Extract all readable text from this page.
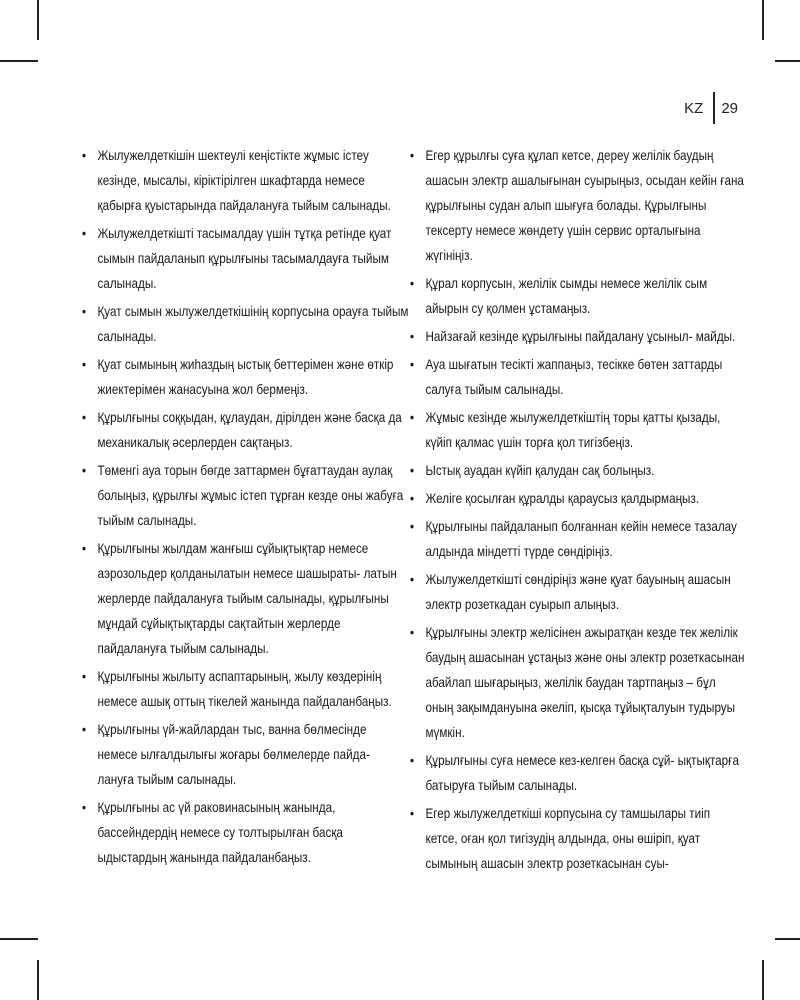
KZ	29
• Жылужелдеткішін шектеулі кеңістікте жұмыс істеу кезінде, мысалы, кіріктірілген шкафтарда немесе қабырға қуыстарында пайдалануға тыйым салынады.
• Жылужелдеткішті тасымалдау үшін тұтқа ретінде қуат сымын пайдаланып құрылғыны тасымалдауға тыйым салынады.
• Қуат сымын жылужелдеткішінің корпусына орауға тыйым салынады.
• Қуат сымының жиһаздың ыстық беттерімен және өткір жиектерімен жанасуына жол бермеңіз.
• Құрылғыны соққыдан, құлаудан, дірілден және басқа да механикалық әсерлерден сақтаңыз.
• Төменгі ауа торын бөгде заттармен бұғаттаудан аулақ болыңыз, құрылғы жұмыс істеп тұрған кезде оны жабуға тыйым салынады.
• Құрылғыны жылдам жанғыш сұйықтықтар немесе аэрозольдер қолданылатын немесе шашыраты- латын жерлерде пайдалануға тыйым салынады, құрылғыны мұндай сұйықтықтарды сақтайтын жерлерде пайдалануға тыйым салынады.
• Құрылғыны жылыту аспаптарының, жылу көздерінің немесе ашық оттың тікелей жанында пайдаланбаңыз.
• Құрылғыны үй-жайлардан тыс, ванна бөлмесінде немесе ылғалдылығы жоғары бөлмелерде пайда- лануға тыйым салынады.
• Құрылғыны ас үй раковинасының жанында, бассейндердің немесе су толтырылған басқа ыдыстардың жанында пайдаланбаңыз.
• Егер құрылғы суға құлап кетсе, дереу желілік баудың ашасын электр ашалығынан суырыңыз, осыдан кейін ғана құрылғыны судан алып шығуға болады. Құрылғыны тексерту немесе жөндету үшін сервис орталығына жүгініңіз.
• Құрал корпусын, желілік сымды немесе желілік сым айырын су қолмен ұстамаңыз.
• Найзағай кезінде құрылғыны пайдалану ұсыныл- майды.
• Ауа шығатын тесікті жаппаңыз, тесікке бөтен заттарды салуға тыйым салынады.
• Жұмыс кезінде жылужелдеткіштің торы қатты қызады, күйіп қалмас үшін торға қол тигізбеңіз.
• Ыстық ауадан күйіп қалудан сақ болыңыз.
• Желіге қосылған құралды қараусыз қалдырмаңыз.
• Құрылғыны пайдаланып болғаннан кейін немесе тазалау алдында міндетті түрде сөндіріңіз.
• Жылужелдеткішті сөндіріңіз және қуат бауының ашасын электр розеткадан суырып алыңыз.
• Құрылғыны электр желісінен ажыратқан кезде тек желілік баудың ашасынан ұстаңыз және оны электр розеткасынан абайлап шығарыңыз, желілік баудан тартпаңыз – бұл оның зақымдануына әкеліп, қысқа тұйықталуын тудыруы мүмкін.
• Құрылғыны суға немесе кез-келген басқа сұй- ықтықтарға батыруға тыйым салынады.
• Егер жылужелдеткіші корпусына су тамшылары тиіп кетсе, оған қол тигізудің алдында, оны өшіріп, қуат сымының ашасын электр розеткасынан суы-
